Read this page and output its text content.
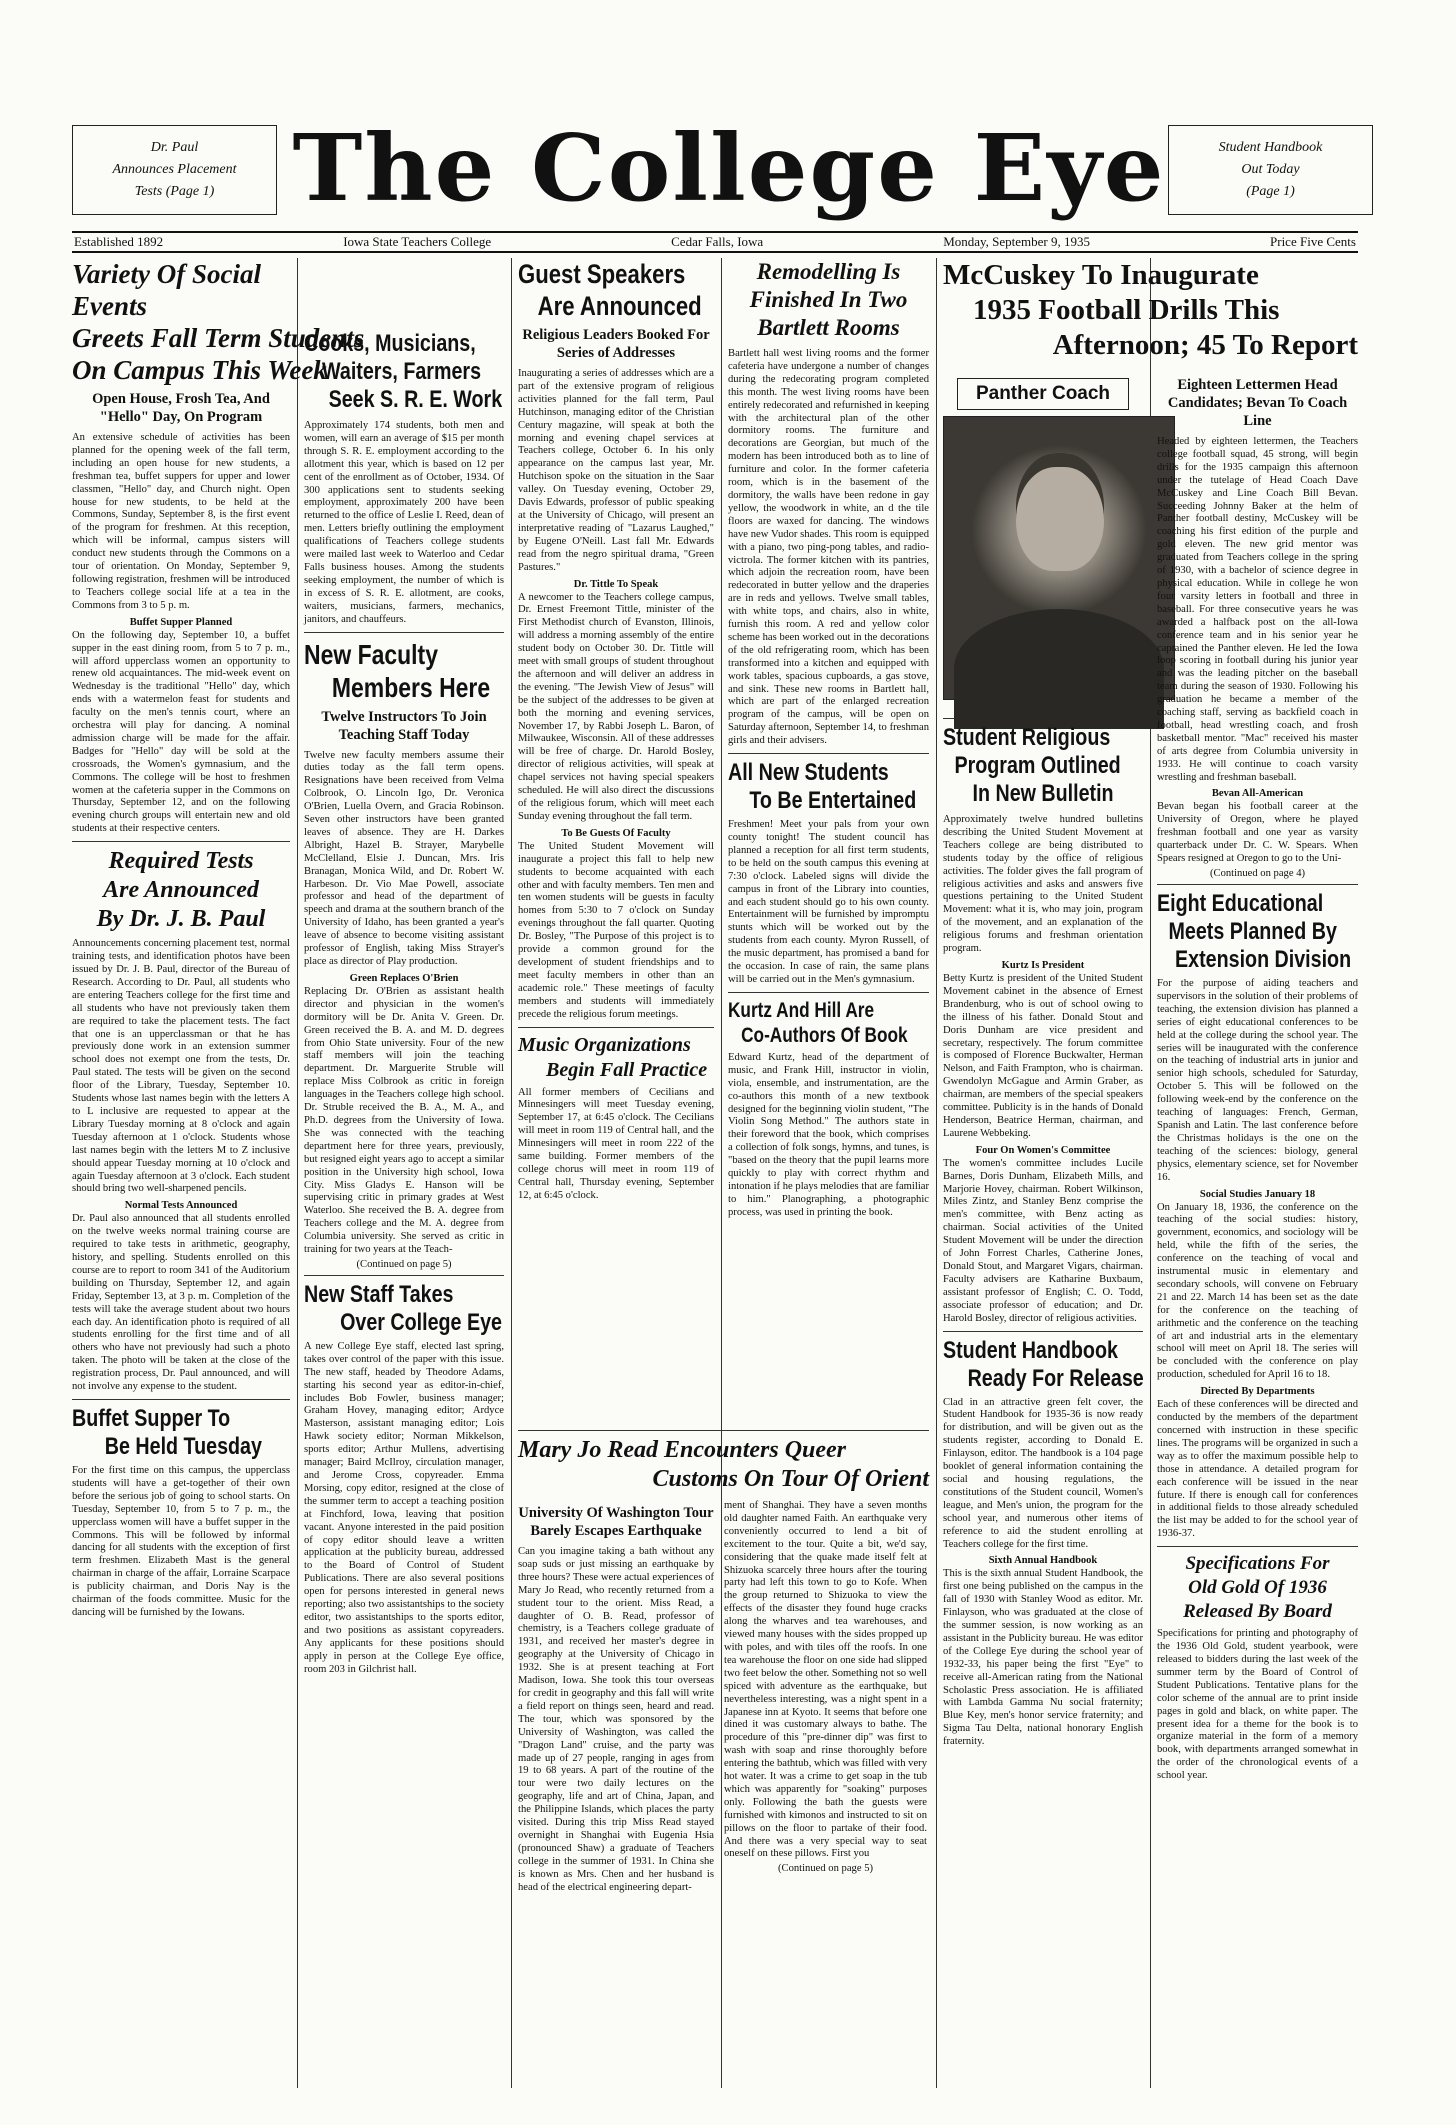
Dr. Paul
Announces Placement
Tests (Page 1) The College Eye	Student Handbook
Out Today
(Page 1)
Established 1892	Iowa State Teachers College	Cedar Falls, Iowa	Monday, September 9, 1935	Price Five Cents
Variety Of Social Events
Greets Fall Term Students
On Campus This Week
Open House, Frosh Tea, And "Hello" Day, On Program
An extensive schedule of activities has been planned for the opening week of the fall term, including an open house for new students, a freshman tea, buffet suppers for upper and lower classmen, "Hello" day, and Church night. Open house for new students, to be held at the Commons, Sunday, September 8, is the first event of the program for freshmen. At this reception, which will be informal, campus sisters will conduct new students through the Commons on a tour of orientation. On Monday, September 9, following registration, freshmen will be introduced to Teachers college social life at a tea in the Commons from 3 to 5 p. m.
Buffet Supper Planned
On the following day, September 10, a buffet supper in the east dining room, from 5 to 7 p. m., will afford upperclass women an opportunity to renew old acquaintances. The mid-week event on Wednesday is the traditional "Hello" day, which ends with a watermelon feast for students and faculty on the men's tennis court, where an orchestra will play for dancing. A nominal admission charge will be made for the affair. Badges for "Hello" day will be sold at the crossroads, the Women's gymnasium, and the Commons. The college will be host to freshmen women at the cafeteria supper in the Commons on Thursday, September 12, and on the following evening church groups will entertain new and old students at their respective centers.
Required Tests
Are Announced
By Dr. J. B. Paul
Announcements concerning placement test, normal training tests, and identification photos have been issued by Dr. J. B. Paul, director of the Bureau of Research. According to Dr. Paul, all students who are entering Teachers college for the first time and all students who have not previously taken them are required to take the placement tests. The fact that one is an upperclassman or that he has previously done work in an extension summer school does not exempt one from the tests, Dr. Paul stated. The tests will be given on the second floor of the Library, Tuesday, September 10. Students whose last names begin with the letters A to L inclusive are requested to appear at the Library Tuesday morning at 8 o'clock and again Tuesday afternoon at 1 o'clock. Students whose last names begin with the letters M to Z inclusive should appear Tuesday morning at 10 o'clock and again Tuesday afternoon at 3 o'clock. Each student should bring two well-sharpened pencils.
Normal Tests Announced
Dr. Paul also announced that all students enrolled on the twelve weeks normal training course are required to take tests in arithmetic, geography, history, and spelling. Students enrolled on this course are to report to room 341 of the Auditorium building on Thursday, September 12, and again Friday, September 13, at 3 p. m. Completion of the tests will take the average student about two hours each day. An identification photo is required of all students enrolling for the first time and of all others who have not previously had such a photo taken. The photo will be taken at the close of the registration process, Dr. Paul announced, and will not involve any expense to the student.
Buffet Supper To
Be Held Tuesday
For the first time on this campus, the upperclass students will have a get-together of their own before the serious job of going to school starts. On Tuesday, September 10, from 5 to 7 p. m., the upperclass women will have a buffet supper in the Commons. This will be followed by informal dancing for all students with the exception of first term freshmen. Elizabeth Mast is the general chairman in charge of the affair, Lorraine Scarpace is publicity chairman, and Doris Nay is the chairman of the foods committee. Music for the dancing will be furnished by the Iowans.
Cooks, Musicians,
Waiters, Farmers
Seek S. R. E. Work
Approximately 174 students, both men and women, will earn an average of $15 per month through S. R. E. employment according to the allotment this year, which is based on 12 per cent of the enrollment as of October, 1934. Of 300 applications sent to students seeking employment, approximately 200 have been returned to the office of Leslie I. Reed, dean of men. Letters briefly outlining the employment qualifications of Teachers college students were mailed last week to Waterloo and Cedar Falls business houses. Among the students seeking employment, the number of which is in excess of S. R. E. allotment, are cooks, waiters, musicians, farmers, mechanics, janitors, and chauffeurs.
New Faculty
Members Here
Twelve Instructors To Join Teaching Staff Today
Twelve new faculty members assume their duties today as the fall term opens. Resignations have been received from Velma Colbrook, O. Lincoln Igo, Dr. Veronica O'Brien, Luella Overn, and Gracia Robinson. Seven other instructors have been granted leaves of absence. They are H. Darkes Albright, Hazel B. Strayer, Marybelle McClelland, Elsie J. Duncan, Mrs. Iris Branagan, Monica Wild, and Dr. Robert W. Harbeson. Dr. Vio Mae Powell, associate professor and head of the department of speech and drama at the southern branch of the University of Idaho, has been granted a year's leave of absence to become visiting assistant professor of English, taking Miss Strayer's place as director of Play production.
Green Replaces O'Brien
Replacing Dr. O'Brien as assistant health director and physician in the women's dormitory will be Dr. Anita V. Green. Dr. Green received the B. A. and M. D. degrees from Ohio State university. Four of the new staff members will join the teaching department. Dr. Marguerite Struble will replace Miss Colbrook as critic in foreign languages in the Teachers college high school. Dr. Struble received the B. A., M. A., and Ph.D. degrees from the University of Iowa. She was connected with the teaching department here for three years, previously, but resigned eight years ago to accept a similar position in the University high school, Iowa City. Miss Gladys E. Hanson will be supervising critic in primary grades at West Waterloo. She received the B. A. degree from Teachers college and the M. A. degree from Columbia university. She served as critic in training for two years at the Teach-
(Continued on page 5)
New Staff Takes
Over College Eye
A new College Eye staff, elected last spring, takes over control of the paper with this issue. The new staff, headed by Theodore Adams, starting his second year as editor-in-chief, includes Bob Fowler, business manager; Graham Hovey, managing editor; Ardyce Masterson, assistant managing editor; Lois Hawk society editor; Norman Mikkelson, sports editor; Arthur Mullens, advertising manager; Baird McIlroy, circulation manager, and Jerome Cross, copyreader. Emma Morsing, copy editor, resigned at the close of the summer term to accept a teaching position at Finchford, Iowa, leaving that position vacant. Anyone interested in the paid position of copy editor should leave a written application at the publicity bureau, addressed to the Board of Control of Student Publications. There are also several positions open for persons interested in general news reporting; also two assistantships to the society editor, two assistantships to the sports editor, and two positions as assistant copyreaders. Any applicants for these positions should apply in person at the College Eye office, room 203 in Gilchrist hall.
Guest Speakers
Are Announced
Religious Leaders Booked For Series of Addresses
Inaugurating a series of addresses which are a part of the extensive program of religious activities planned for the fall term, Paul Hutchinson, managing editor of the Christian Century magazine, will speak at both the morning and evening chapel services at Teachers college, October 6. In his only appearance on the campus last year, Mr. Hutchison spoke on the situation in the Saar valley. On Tuesday evening, October 29, Davis Edwards, professor of public speaking at the University of Chicago, will present an interpretative reading of "Lazarus Laughed," by Eugene O'Neill. Last fall Mr. Edwards read from the negro spiritual drama, "Green Pastures."
Dr. Tittle To Speak
A newcomer to the Teachers college campus, Dr. Ernest Freemont Tittle, minister of the First Methodist church of Evanston, Illinois, will address a morning assembly of the entire student body on October 30. Dr. Tittle will meet with small groups of student throughout the afternoon and will deliver an address in the evening. "The Jewish View of Jesus" will be the subject of the addresses to be given at both the morning and evening services, November 17, by Rabbi Joseph L. Baron, of Milwaukee, Wisconsin. All of these addresses will be free of charge. Dr. Harold Bosley, director of religious activities, will speak at chapel services not having special speakers scheduled. He will also direct the discussions of the religious forum, which will meet each Sunday evening throughout the fall term.
To Be Guests Of Faculty
The United Student Movement will inaugurate a project this fall to help new students to become acquainted with each other and with faculty members. Ten men and ten women students will be guests in faculty homes from 5:30 to 7 o'clock on Sunday evenings throughout the fall quarter. Quoting Dr. Bosley, "The Purpose of this project is to provide a common ground for the development of student friendships and to meet faculty members in other than an academic role." These meetings of faculty members and students will immediately precede the religious forum meetings.
Music Organizations
Begin Fall Practice
All former members of Cecilians and Minnesingers will meet Tuesday evening, September 17, at 6:45 o'clock. The Cecilians will meet in room 119 of Central hall, and the Minnesingers will meet in room 222 of the same building. Former members of the college chorus will meet in room 119 of Central hall, Thursday evening, September 12, at 6:45 o'clock.
Remodelling Is
Finished In Two
Bartlett Rooms
Bartlett hall west living rooms and the former cafeteria have undergone a number of changes during the redecorating program completed this month. The west living rooms have been entirely redecorated and refurnished in keeping with the architectural plan of the other dormitory rooms. The furniture and decorations are Georgian, but much of the modern has been introduced both as to line of furniture and color. In the former cafeteria room, which is in the basement of the dormitory, the walls have been redone in gay yellow, the woodwork in white, an d the tile floors are waxed for dancing. The windows have new Vudor shades. This room is equipped with a piano, two ping-pong tables, and radio-victrola. The former kitchen with its pantries, which adjoin the recreation room, have been redecorated in butter yellow and the draperies are in reds and yellows. Twelve small tables, with white tops, and chairs, also in white, furnish this room. A red and yellow color scheme has been worked out in the decorations of the old refrigerating room, which has been transformed into a kitchen and equipped with work tables, spacious cupboards, a gas stove, and sink. These new rooms in Bartlett hall, which are part of the enlarged recreation program of the campus, will be open on Saturday afternoon, September 14, to freshman girls and their advisers.
All New Students
To Be Entertained
Freshmen! Meet your pals from your own county tonight! The student council has planned a reception for all first term students, to be held on the south campus this evening at 7:30 o'clock. Labeled signs will divide the campus in front of the Library into counties, and each student should go to his own county. Entertainment will be furnished by impromptu stunts which will be worked out by the students from each county. Myron Russell, of the music department, has promised a band for the occasion. In case of rain, the same plans will be carried out in the Men's gymnasium.
Kurtz And Hill Are
Co-Authors Of Book
Edward Kurtz, head of the department of music, and Frank Hill, instructor in violin, viola, ensemble, and instrumentation, are the co-authors this month of a new textbook designed for the beginning violin student, "The Violin Song Method." The authors state in their foreword that the book, which comprises a collection of folk songs, hymns, and tunes, is "based on the theory that the pupil learns more quickly to play with correct rhythm and intonation if he plays melodies that are familiar to him." Planographing, a photographic process, was used in printing the book.
Mary Jo Read Encounters Queer
Customs On Tour Of Orient
University Of Washington Tour Barely Escapes Earthquake
Can you imagine taking a bath without any soap suds or just missing an earthquake by three hours? These were actual experiences of Mary Jo Read, who recently returned from a student tour to the orient. Miss Read, a daughter of O. B. Read, professor of chemistry, is a Teachers college graduate of 1931, and received her master's degree in geography at the University of Chicago in 1932. She is at present teaching at Fort Madison, Iowa. She took this tour overseas for credit in geography and this fall will write a field report on things seen, heard and read. The tour, which was sponsored by the University of Washington, was called the "Dragon Land" cruise, and the party was made up of 27 people, ranging in ages from 19 to 68 years. A part of the routine of the tour were two daily lectures on the geography, life and art of China, Japan, and the Philippine Islands, which places the party visited. During this trip Miss Read stayed overnight in Shanghai with Eugenia Hsia (pronounced Shaw) a graduate of Teachers college in the summer of 1931. In China she is known as Mrs. Chen and her husband is head of the electrical engineering depart-
ment of Shanghai. They have a seven months old daughter named Faith. An earthquake very conveniently occurred to lend a bit of excitement to the tour. Quite a bit, we'd say, considering that the quake made itself felt at Shizuoka scarcely three hours after the touring party had left this town to go to Kofe. When the group returned to Shizuoka to view the effects of the disaster they found huge cracks along the wharves and tea warehouses, and viewed many houses with the sides propped up with poles, and with tiles off the roofs. In one tea warehouse the floor on one side had slipped two feet below the other. Something not so well spiced with adventure as the earthquake, but nevertheless interesting, was a night spent in a Japanese inn at Kyoto. It seems that before one dined it was customary always to bathe. The procedure of this "pre-dinner dip" was first to wash with soap and rinse thoroughly before entering the bathtub, which was filled with very hot water. It was a crime to get soap in the tub which was apparently for "soaking" purposes only. Following the bath the guests were furnished with kimonos and instructed to sit on pillows on the floor to partake of their food. And there was a very special way to seat oneself on these pillows. First you
(Continued on page 5)
McCuskey To Inaugurate
1935 Football Drills This
Afternoon; 45 To Report
Panther Coach
Student Religious
Program Outlined
In New Bulletin
Approximately twelve hundred bulletins describing the United Student Movement at Teachers college are being distributed to students today by the office of religious activities. The folder gives the fall program of religious activities and asks and answers five questions pertaining to the United Student Movement: what it is, who may join, program of the movement, and an explanation of the religious forums and freshman orientation program.
Kurtz Is President
Betty Kurtz is president of the United Student Movement cabinet in the absence of Ernest Brandenburg, who is out of school owing to the illness of his father. Donald Stout and Doris Dunham are vice president and secretary, respectively. The forum committee is composed of Florence Buckwalter, Herman Nelson, and Faith Frampton, who is chairman. Gwendolyn McGague and Armin Graber, as chairman, are members of the special speakers committee. Publicity is in the hands of Donald Henderson, Beatrice Herman, chairman, and Laurene Webbeking.
Four On Women's Committee
The women's committee includes Lucile Barnes, Doris Dunham, Elizabeth Mills, and Marjorie Hovey, chairman. Robert Wilkinson, Miles Zintz, and Stanley Benz comprise the men's committee, with Benz acting as chairman. Social activities of the United Student Movement will be under the direction of John Forrest Charles, Catherine Jones, Donald Stout, and Margaret Vigars, chairman. Faculty advisers are Katharine Buxbaum, assistant professor of English; C. O. Todd, associate professor of education; and Dr. Harold Bosley, director of religious activities.
Student Handbook
Ready For Release
Clad in an attractive green felt cover, the Student Handbook for 1935-36 is now ready for distribution, and will be given out as the students register, according to Donald E. Finlayson, editor. The handbook is a 104 page booklet of general information containing the social and housing regulations, the constitutions of the Student council, Women's league, and Men's union, the program for the school year, and numerous other items of reference to aid the student enrolling at Teachers college for the first time.
Sixth Annual Handbook
This is the sixth annual Student Handbook, the first one being published on the campus in the fall of 1930 with Stanley Wood as editor. Mr. Finlayson, who was graduated at the close of the summer session, is now working as an assistant in the Publicity bureau. He was editor of the College Eye during the school year of 1932-33, his paper being the first "Eye" to receive all-American rating from the National Scholastic Press association. He is affiliated with Lambda Gamma Nu social fraternity; Blue Key, men's honor service fraternity; and Sigma Tau Delta, national honorary English fraternity.
Eighteen Lettermen Head Candidates; Bevan To Coach Line
Headed by eighteen lettermen, the Teachers college football squad, 45 strong, will begin drills for the 1935 campaign this afternoon under the tutelage of Head Coach Dave McCuskey and Line Coach Bill Bevan. Succeeding Johnny Baker at the helm of Panther football destiny, McCuskey will be coaching his first edition of the purple and gold eleven. The new grid mentor was graduated from Teachers college in the spring of 1930, with a bachelor of science degree in physical education. While in college he won four varsity letters in football and three in baseball. For three consecutive years he was awarded a halfback post on the all-Iowa conference team and in his senior year he captained the Panther eleven. He led the Iowa loop scoring in football during his junior year and was the leading pitcher on the baseball team during the season of 1930. Following his graduation he became a member of the coaching staff, serving as backfield coach in football, head wrestling coach, and frosh basketball mentor. "Mac" received his master of arts degree from Columbia university in 1933. He will continue to coach varsity wrestling and freshman baseball.
Bevan All-American
Bevan began his football career at the University of Oregon, where he played freshman football and one year as varsity quarterback under Dr. C. W. Spears. When Spears resigned at Oregon to go to the Uni-
(Continued on page 4)
Eight Educational
Meets Planned By
Extension Division
For the purpose of aiding teachers and supervisors in the solution of their problems of teaching, the extension division has planned a series of eight educational conferences to be held at the college during the school year. The series will be inaugurated with the conference on the teaching of industrial arts in junior and senior high schools, scheduled for Saturday, October 5. This will be followed on the following week-end by the conference on the teaching of languages: French, German, Spanish and Latin. The last conference before the Christmas holidays is the one on the teaching of the sciences: biology, general physics, elementary science, set for November 16.
Social Studies January 18
On January 18, 1936, the conference on the teaching of the social studies: history, government, economics, and sociology will be held, while the fifth of the series, the conference on the teaching of vocal and instrumental music in elementary and secondary schools, will convene on February 21 and 22. March 14 has been set as the date for the conference on the teaching of arithmetic and the conference on the teaching of art and industrial arts in the elementary school will meet on April 18. The series will be concluded with the conference on play production, scheduled for April 16 to 18.
Directed By Departments
Each of these conferences will be directed and conducted by the members of the department concerned with instruction in these specific lines. The programs will be organized in such a way as to offer the maximum possible help to those in attendance. A detailed program for each conference will be issued in the near future. If there is enough call for conferences in additional fields to those already scheduled the list may be added to for the school year of 1936-37.
Specifications For
Old Gold Of 1936
Released By Board
Specifications for printing and photography of the 1936 Old Gold, student yearbook, were released to bidders during the last week of the summer term by the Board of Control of Student Publications. Tentative plans for the color scheme of the annual are to print inside pages in gold and black, on white paper. The present idea for a theme for the book is to organize material in the form of a memory book, with departments arranged somewhat in the order of the chronological events of a school year.
